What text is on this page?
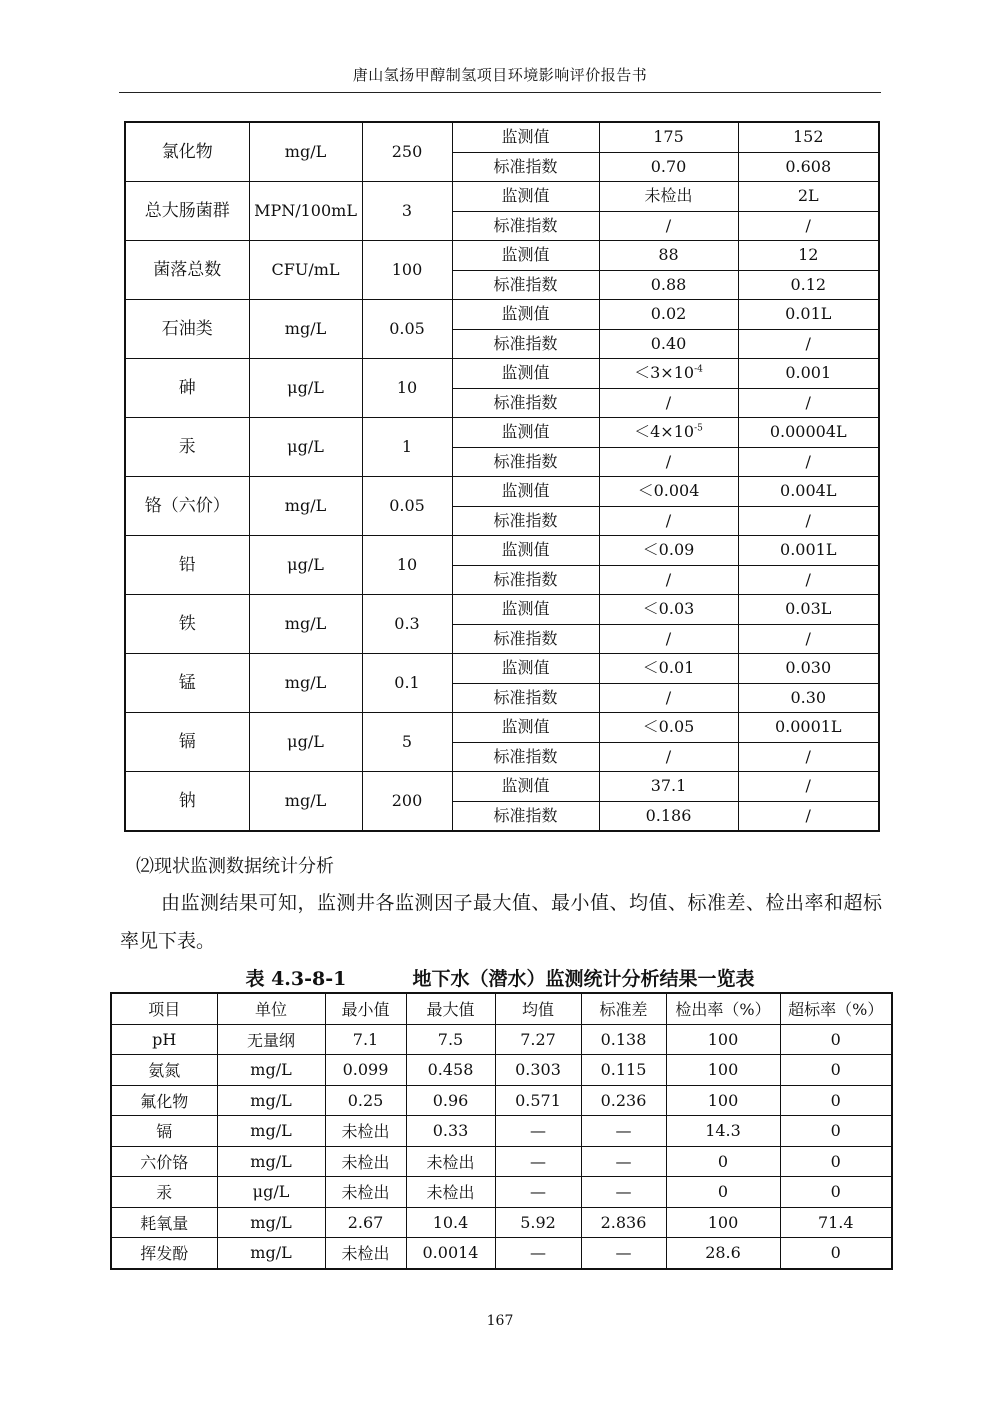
唐山氢扬甲醇制氢项目环境影响评价报告书
氯化物	mg/L	250	监测值	175	152
			标准指数	0.70	0.608
总大肠菌群	MPN/100mL	3	监测值	未检出	2L
			标准指数	/	/
菌落总数	CFU/mL	100	监测值	88	12
			标准指数	0.88	0.12
石油类	mg/L	0.05	监测值	0.02	0.01L
			标准指数	0.40	/
砷	μg/L	10	监测值	$<3\times 10^{-4}$	0.001
			标准指数	/	/
汞	μg/L	1	监测值	$<4\times 10^{-5}$	0.00004L
			标准指数	/	/
铬（六价）	mg/L	0.05	监测值	＜0.004	0.004L
			标准指数	/	/
铅	μg/L	10	监测值	＜0.09	0.001L
			标准指数	/	/
铁	mg/L	0.3	监测值	＜0.03	0.03L
			标准指数	/	/
锰	mg/L	0.1	监测值	＜0.01	0.030
			标准指数	/	0.30
镉	μg/L	5	监测值	＜0.05	0.0001L
			标准指数	/	/
钠	mg/L	200	监测值	37.1	/
			标准指数	0.186	/
⑵现状监测数据统计分析
由监测结果可知，监测井各监测因子最大值、最小值、均值、标准差、检出率和超标率见下表。
表 4.3-8-1	地下水（潜水）监测统计分析结果一览表
项目	单位	最小值	最大值	均值	标准差	检出率（%）	超标率（%）
pH	无量纲	7.1	7.5	7.27	0.138	100	0
氨氮	mg/L	0.099	0.458	0.303	0.115	100	0
氟化物	mg/L	0.25	0.96	0.571	0.236	100	0
镉	mg/L	未检出	0.33	—	—	14.3	0
六价铬	mg/L	未检出	未检出	—	—	0	0
汞	μg/L	未检出	未检出	—	—	0	0
耗氧量	mg/L	2.67	10.4	5.92	2.836	100	71.4
挥发酚	mg/L	未检出	0.0014	—	—	28.6	0
167
